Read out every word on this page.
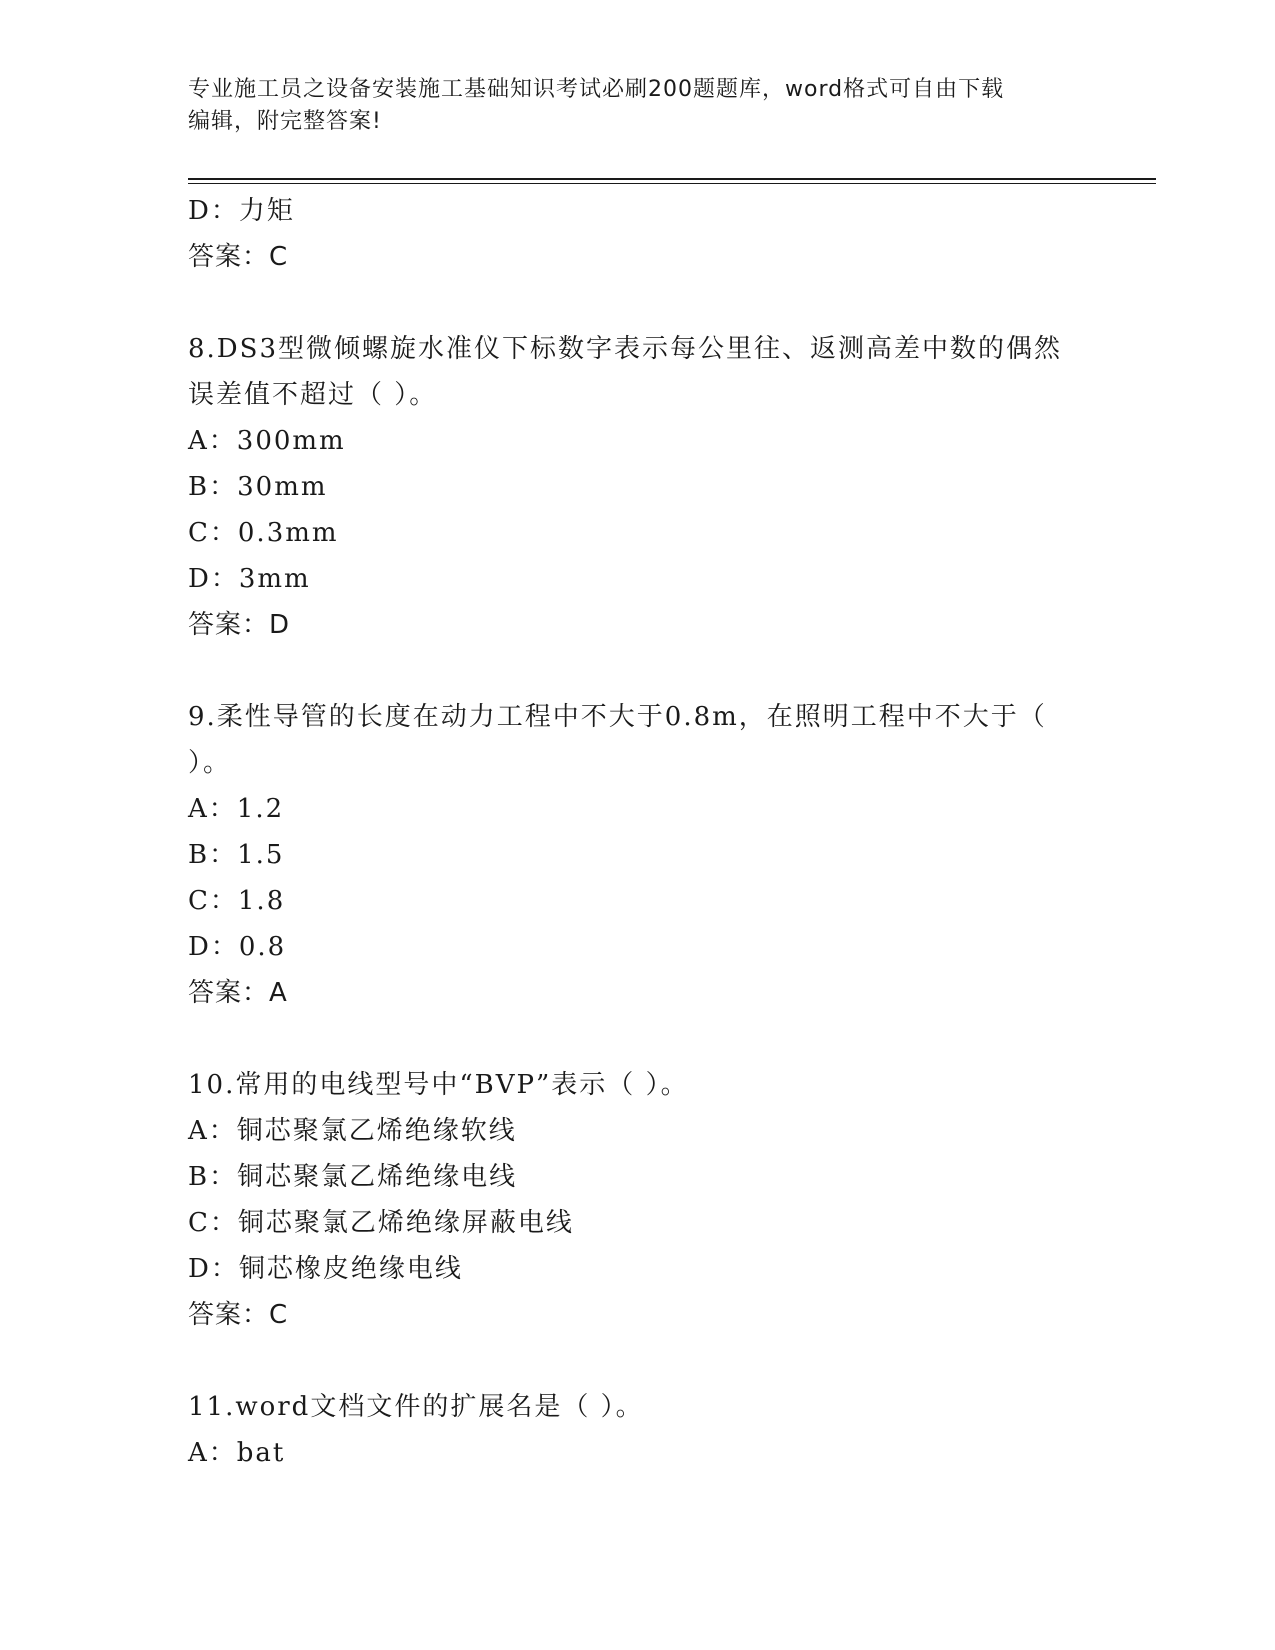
专业施工员之设备安装施工基础知识考试必刷200题题库，word格式可自由下载
编辑，附完整答案!
D：力矩
答案：C
8.DS3型微倾螺旋水准仪下标数字表示每公里往、返测高差中数的偶然
误差值不超过（ ）。
A：300mm
B：30mm
C：0.3mm
D：3mm
答案：D
9.柔性导管的长度在动力工程中不大于0.8m，在照明工程中不大于（
）。
A：1.2
B：1.5
C：1.8
D：0.8
答案：A
10.常用的电线型号中“BVP”表示（ ）。
A：铜芯聚氯乙烯绝缘软线
B：铜芯聚氯乙烯绝缘电线
C：铜芯聚氯乙烯绝缘屏蔽电线
D：铜芯橡皮绝缘电线
答案：C
11.word文档文件的扩展名是（ ）。
A：bat
